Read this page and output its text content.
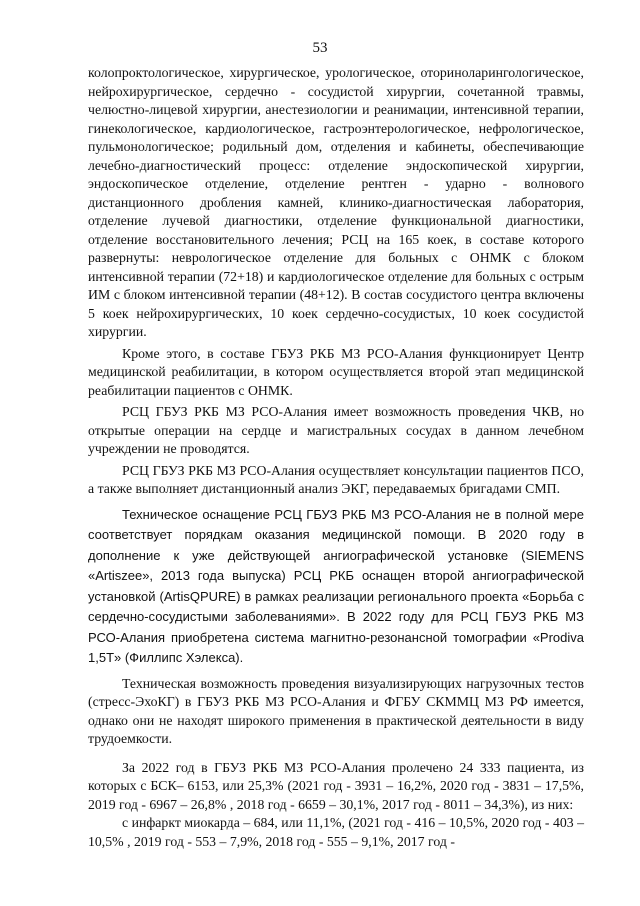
53

колопроктологическое, хирургическое, урологическое, оториноларингологическое, нейрохирургическое, сердечно - сосудистой хирургии, сочетанной травмы, челюстно-лицевой хирургии, анестезиологии и реанимации, интенсивной терапии, гинекологическое, кардиологическое, гастроэнтерологическое, нефрологическое, пульмонологическое; родильный дом, отделения и кабинеты, обеспечивающие лечебно-диагностический процесс: отделение эндоскопической хирургии, эндоскопическое отделение, отделение рентген - ударно - волнового дистанционного дробления камней, клинико-диагностическая лаборатория, отделение лучевой диагностики, отделение функциональной диагностики, отделение восстановительного лечения; РСЦ на 165 коек, в составе которого развернуты: неврологическое отделение для больных с ОНМК с блоком интенсивной терапии (72+18) и кардиологическое отделение для больных с острым ИМ с блоком интенсивной терапии (48+12). В состав сосудистого центра включены 5 коек нейрохирургических, 10 коек сердечно-сосудистых, 10 коек сосудистой хирургии.

Кроме этого, в составе ГБУЗ РКБ МЗ РСО-Алания функционирует Центр медицинской реабилитации, в котором осуществляется второй этап медицинской реабилитации пациентов с ОНМК.

РСЦ ГБУЗ РКБ МЗ РСО-Алания имеет возможность проведения ЧКВ, но открытые операции на сердце и магистральных сосудах в данном лечебном учреждении не проводятся.

РСЦ ГБУЗ РКБ МЗ РСО-Алания осуществляет консультации пациентов ПСО, а также выполняет дистанционный анализ ЭКГ, передаваемых бригадами СМП.

Техническое оснащение РСЦ ГБУЗ РКБ МЗ РСО-Алания не в полной мере соответствует порядкам оказания медицинской помощи. В 2020 году в дополнение к уже действующей ангиографической установке (SIEMENS «Artiszee», 2013 года выпуска) РСЦ РКБ оснащен второй ангиографической установкой (ArtisQPURE) в рамках реализации регионального проекта «Борьба с сердечно-сосудистыми заболеваниями». В 2022 году для РСЦ ГБУЗ РКБ МЗ РСО-Алания приобретена система магнитно-резонансной томографии «Prodiva 1,5T» (Филлипс Хэлекса).

Техническая возможность проведения визуализирующих нагрузочных тестов (стресс-ЭхоКГ) в ГБУЗ РКБ МЗ РСО-Алания и ФГБУ СКММЦ МЗ РФ имеется, однако они не находят широкого применения в практической деятельности в виду трудоемкости.

За 2022 год в ГБУЗ РКБ МЗ РСО-Алания пролечено 24 333 пациента, из которых с БСК– 6153, или 25,3% (2021 год - 3931 – 16,2%, 2020 год - 3831 – 17,5%, 2019 год - 6967 – 26,8% , 2018 год - 6659 – 30,1%, 2017 год - 8011 – 34,3%), из них:

с инфаркт миокарда – 684, или 11,1%, (2021 год - 416 – 10,5%, 2020 год - 403 – 10,5% , 2019 год - 553 – 7,9%, 2018 год - 555 – 9,1%, 2017 год -
